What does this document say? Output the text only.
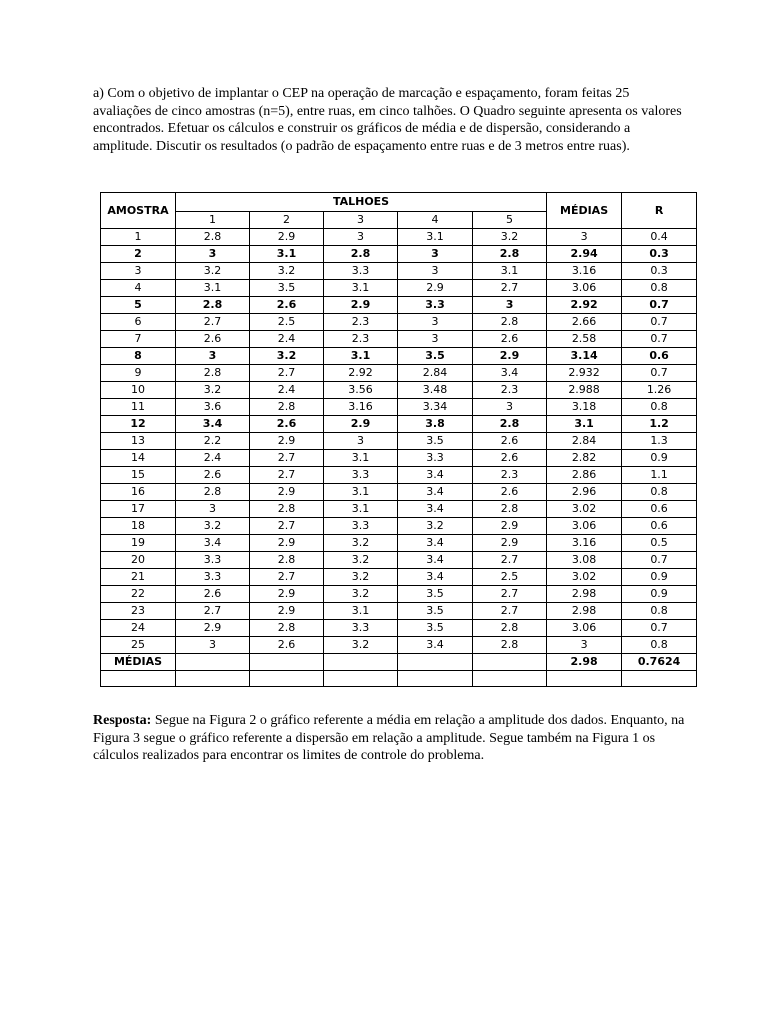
a) Com o objetivo de implantar o CEP na operação de marcação e espaçamento, foram feitas 25 avaliações de cinco amostras (n=5), entre ruas, em cinco talhões. O Quadro seguinte apresenta os valores encontrados. Efetuar os cálculos e construir os gráficos de média e de dispersão, considerando a amplitude. Discutir os resultados (o padrão de espaçamento entre ruas e de 3 metros entre ruas).

AMOSTRA	TALHOES					MÉDIAS	R
	1	2	3	4	5		
1	2.8	2.9	3	3.1	3.2	3	0.4
2	3	3.1	2.8	3	2.8	2.94	0.3
3	3.2	3.2	3.3	3	3.1	3.16	0.3
4	3.1	3.5	3.1	2.9	2.7	3.06	0.8
5	2.8	2.6	2.9	3.3	3	2.92	0.7
6	2.7	2.5	2.3	3	2.8	2.66	0.7
7	2.6	2.4	2.3	3	2.6	2.58	0.7
8	3	3.2	3.1	3.5	2.9	3.14	0.6
9	2.8	2.7	2.92	2.84	3.4	2.932	0.7
10	3.2	2.4	3.56	3.48	2.3	2.988	1.26
11	3.6	2.8	3.16	3.34	3	3.18	0.8
12	3.4	2.6	2.9	3.8	2.8	3.1	1.2
13	2.2	2.9	3	3.5	2.6	2.84	1.3
14	2.4	2.7	3.1	3.3	2.6	2.82	0.9
15	2.6	2.7	3.3	3.4	2.3	2.86	1.1
16	2.8	2.9	3.1	3.4	2.6	2.96	0.8
17	3	2.8	3.1	3.4	2.8	3.02	0.6
18	3.2	2.7	3.3	3.2	2.9	3.06	0.6
19	3.4	2.9	3.2	3.4	2.9	3.16	0.5
20	3.3	2.8	3.2	3.4	2.7	3.08	0.7
21	3.3	2.7	3.2	3.4	2.5	3.02	0.9
22	2.6	2.9	3.2	3.5	2.7	2.98	0.9
23	2.7	2.9	3.1	3.5	2.7	2.98	0.8
24	2.9	2.8	3.3	3.5	2.8	3.06	0.7
25	3	2.6	3.2	3.4	2.8	3	0.8
MÉDIAS						2.98	0.7624

Resposta: Segue na Figura 2 o gráfico referente a média em relação a amplitude dos dados. Enquanto, na Figura 3 segue o gráfico referente a dispersão em relação a amplitude. Segue também na Figura 1 os cálculos realizados para encontrar os limites de controle do problema.
